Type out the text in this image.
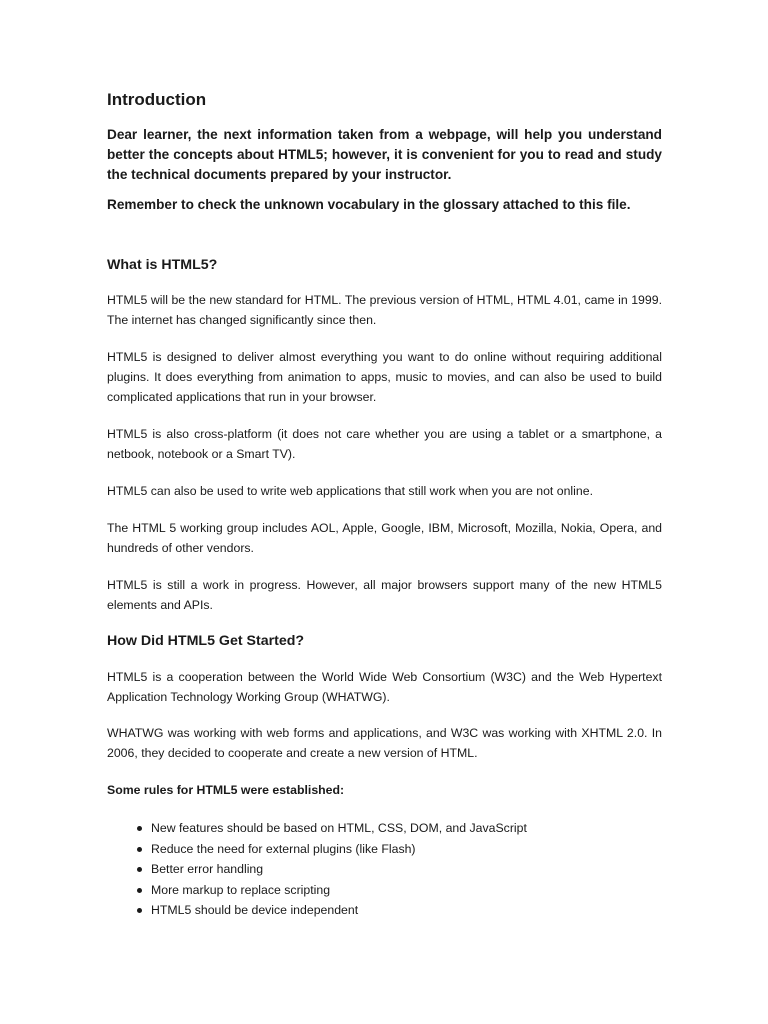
Introduction

Dear learner, the next information taken from a webpage, will help you understand better the concepts about HTML5; however, it is convenient for you to read and study the technical documents prepared by your instructor.

Remember to check the unknown vocabulary in the glossary attached to this file.

What is HTML5?

HTML5 will be the new standard for HTML. The previous version of HTML, HTML 4.01, came in 1999. The internet has changed significantly since then.

HTML5 is designed to deliver almost everything you want to do online without requiring additional plugins. It does everything from animation to apps, music to movies, and can also be used to build complicated applications that run in your browser.

HTML5 is also cross-platform (it does not care whether you are using a tablet or a smartphone, a netbook, notebook or a Smart TV).

HTML5 can also be used to write web applications that still work when you are not online.

The HTML 5 working group includes AOL, Apple, Google, IBM, Microsoft, Mozilla, Nokia, Opera, and hundreds of other vendors.

HTML5 is still a work in progress. However, all major browsers support many of the new HTML5 elements and APIs.

How Did HTML5 Get Started?

HTML5 is a cooperation between the World Wide Web Consortium (W3C) and the Web Hypertext Application Technology Working Group (WHATWG).

WHATWG was working with web forms and applications, and W3C was working with XHTML 2.0. In 2006, they decided to cooperate and create a new version of HTML.

Some rules for HTML5 were established:

New features should be based on HTML, CSS, DOM, and JavaScript
Reduce the need for external plugins (like Flash)
Better error handling
More markup to replace scripting
HTML5 should be device independent
